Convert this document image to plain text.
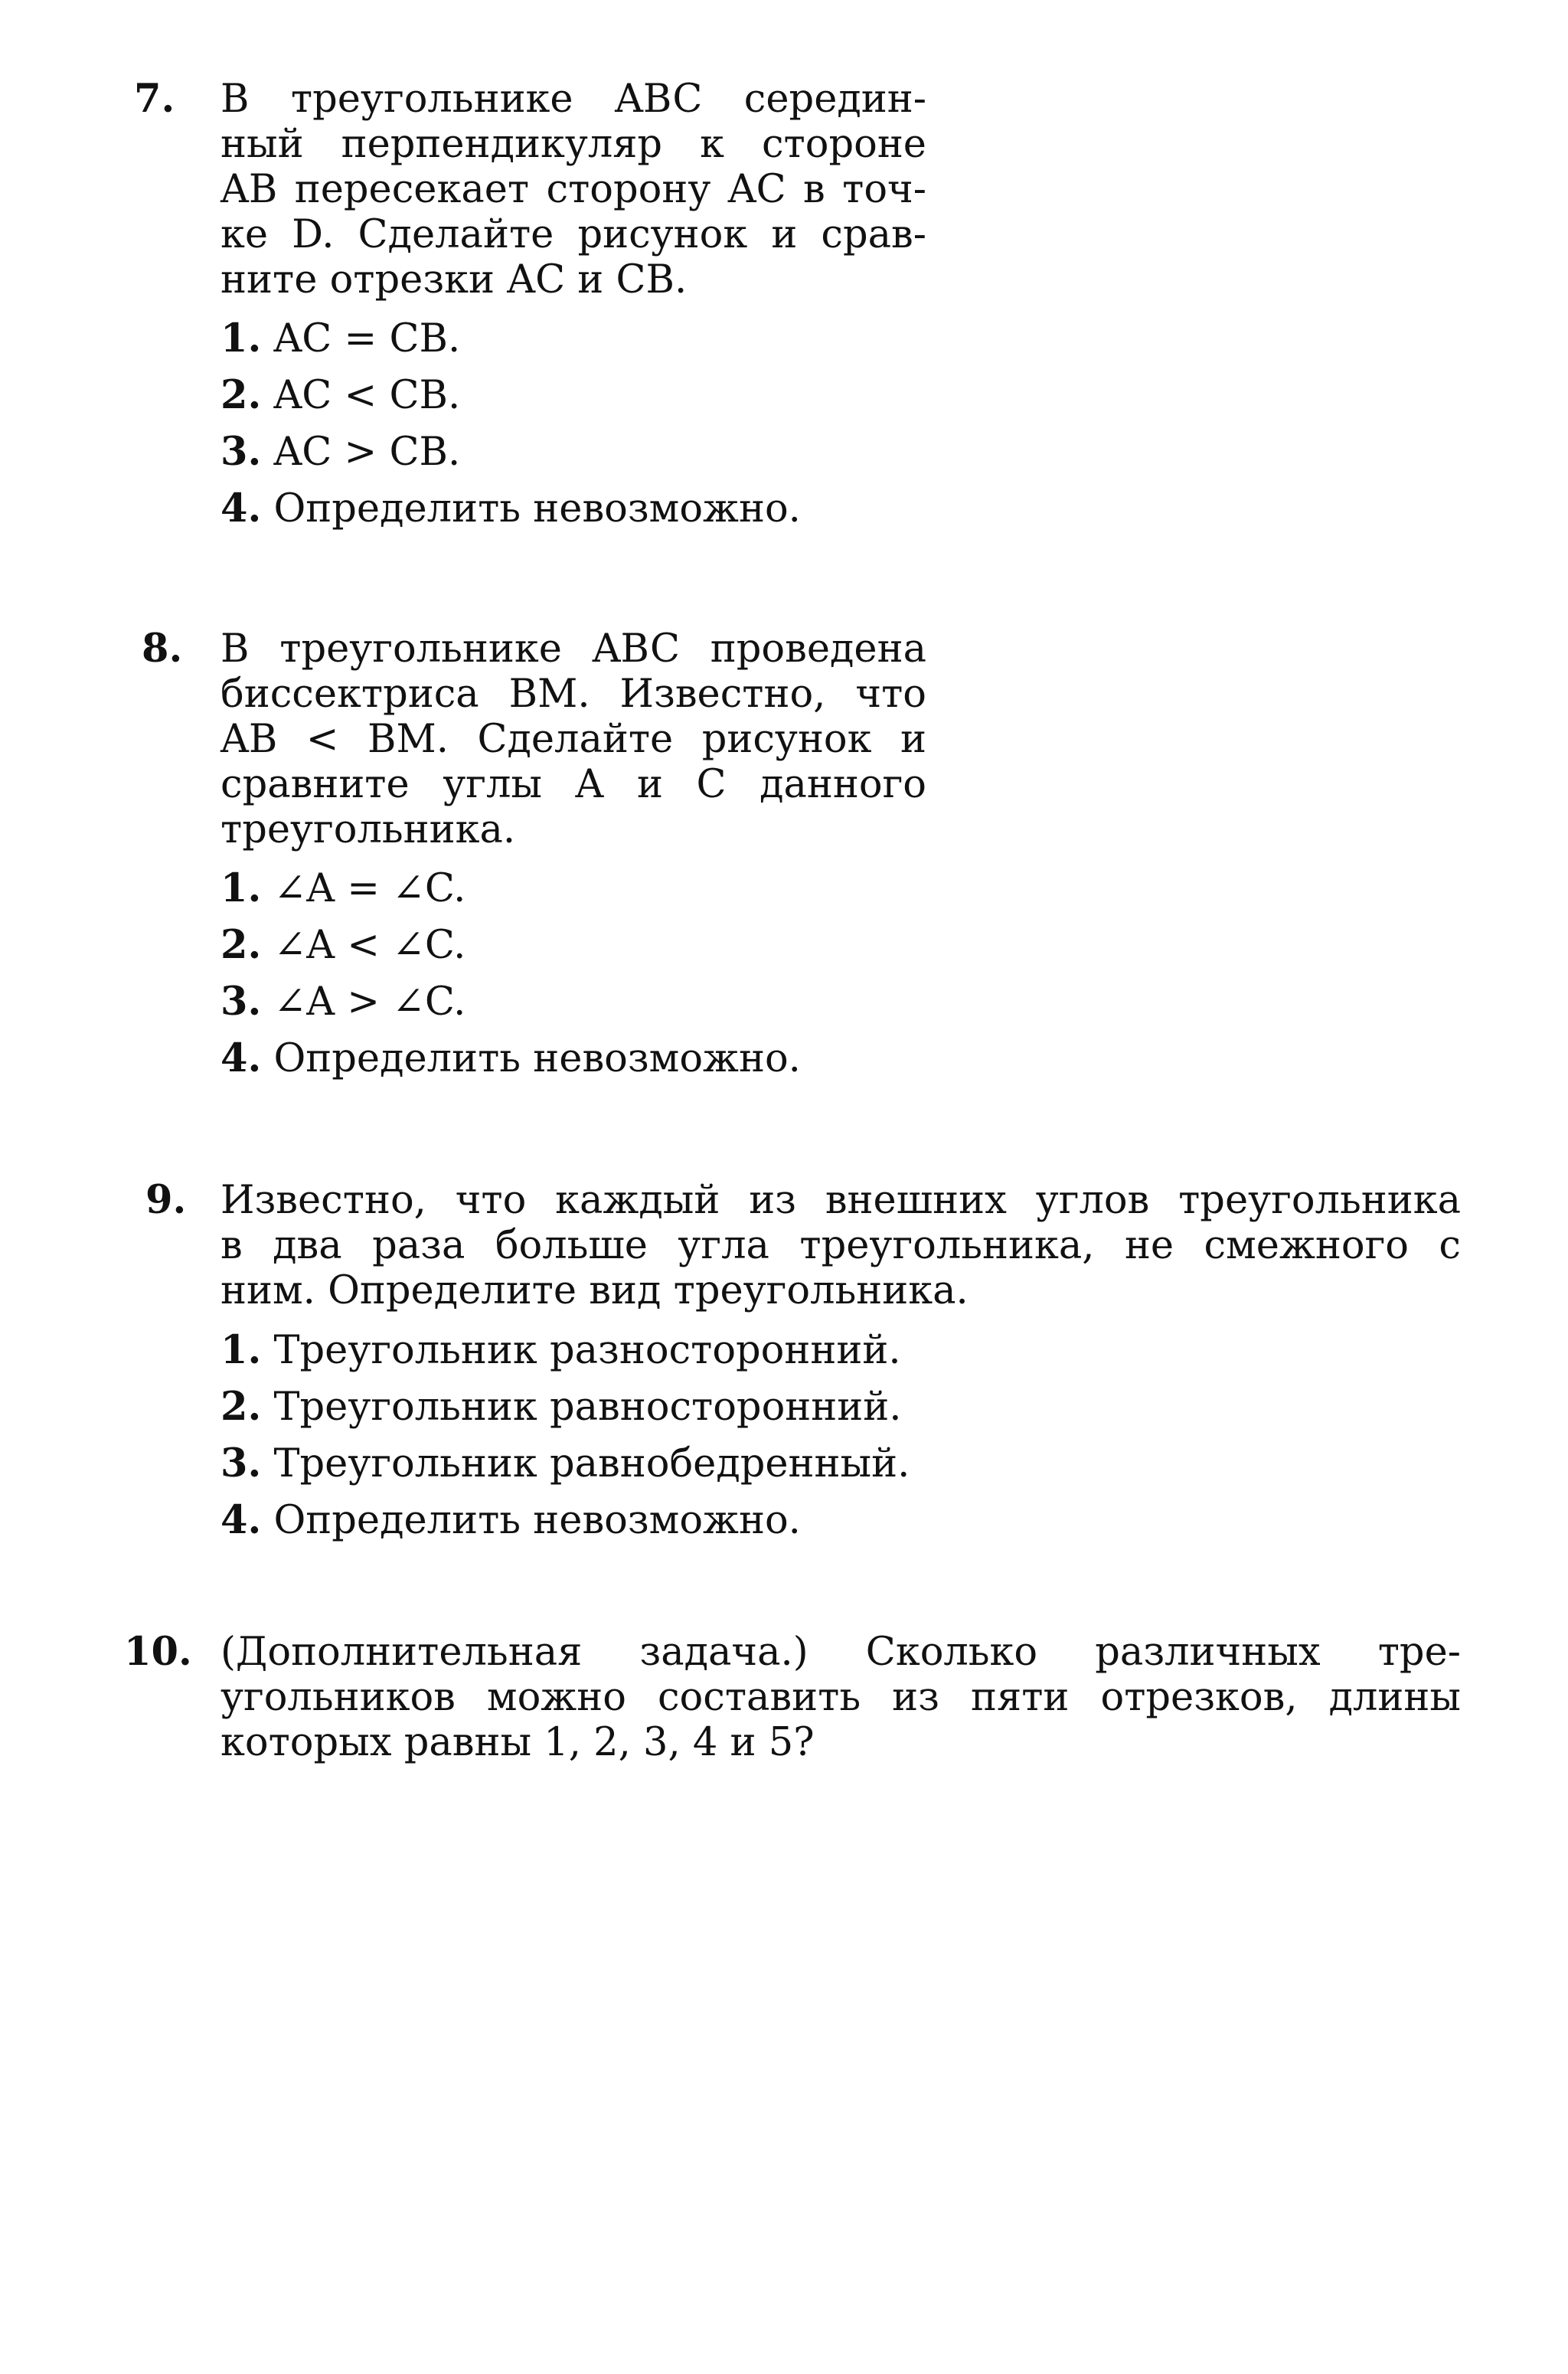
7. В треугольнике ABC середин-
ный перпендикуляр к стороне
AB пересекает сторону AC в точ-
ке D. Сделайте рисунок и срав-
ните отрезки AC и CB.
1. AC = CB.
2. AC < CB.
3. AC > CB.
4. Определить невозможно.
8. В треугольнике ABC проведена
биссектриса BM. Известно, что
AB < BM. Сделайте рисунок и
сравните углы A и C данного
треугольника.
1. ∠A = ∠C.
2. ∠A < ∠C.
3. ∠A > ∠C.
4. Определить невозможно.
9. Известно, что каждый из внешних углов треугольника
в два раза больше угла треугольника, не смежного с
ним. Определите вид треугольника.
1. Треугольник разносторонний.
2. Треугольник равносторонний.
3. Треугольник равнобедренный.
4. Определить невозможно.
10. (Дополнительная задача.) Сколько различных тре-
угольников можно составить из пяти отрезков, длины
которых равны 1, 2, 3, 4 и 5?
